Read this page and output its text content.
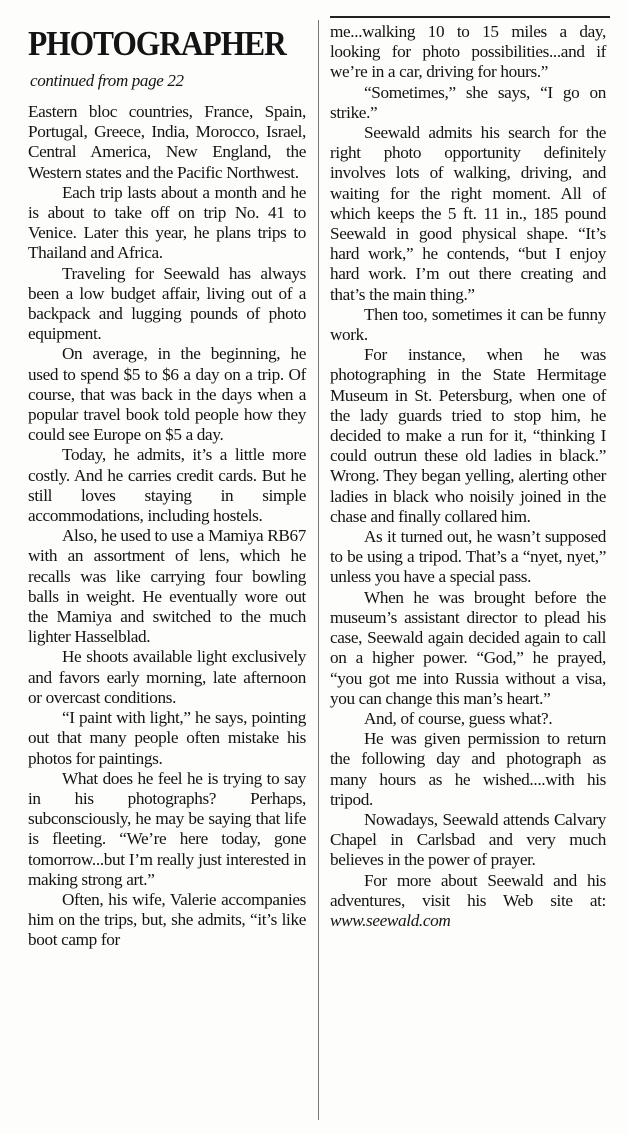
PHOTOGRAPHER
continued from page 22

Eastern bloc countries, France, Spain, Portugal, Greece, India, Morocco, Israel, Central America, New England, the Western states and the Pacific Northwest.

Each trip lasts about a month and he is about to take off on trip No. 41 to Venice. Later this year, he plans trips to Thailand and Africa.

Traveling for Seewald has always been a low budget affair, living out of a backpack and lugging pounds of photo equipment.

On average, in the beginning, he used to spend $5 to $6 a day on a trip. Of course, that was back in the days when a popular travel book told people how they could see Europe on $5 a day.

Today, he admits, it’s a little more costly. And he carries credit cards. But he still loves staying in simple accommodations, including hostels.

Also, he used to use a Mamiya RB67 with an assortment of lens, which he recalls was like carrying four bowling balls in weight. He eventually wore out the Mamiya and switched to the much lighter Hasselblad.

He shoots available light exclusively and favors early morning, late afternoon or overcast conditions.

“I paint with light,” he says, pointing out that many people often mistake his photos for paintings.

What does he feel he is trying to say in his photographs? Perhaps, subconsciously, he may be saying that life is fleeting. “We’re here today, gone tomorrow...but I’m really just interested in making strong art.”

Often, his wife, Valerie accompanies him on the trips, but, she admits, “it’s like boot camp for

me...walking 10 to 15 miles a day, looking for photo possibilities...and if we’re in a car, driving for hours.”

“Sometimes,” she says, “I go on strike.”

Seewald admits his search for the right photo opportunity definitely involves lots of walking, driving, and waiting for the right moment. All of which keeps the 5 ft. 11 in., 185 pound Seewald in good physical shape. “It’s hard work,” he contends, “but I enjoy hard work. I’m out there creating and that’s the main thing.”

Then too, sometimes it can be funny work.

For instance, when he was photographing in the State Hermitage Museum in St. Petersburg, when one of the lady guards tried to stop him, he decided to make a run for it, “thinking I could outrun these old ladies in black.” Wrong. They began yelling, alerting other ladies in black who noisily joined in the chase and finally collared him.

As it turned out, he wasn’t supposed to be using a tripod. That’s a “nyet, nyet,” unless you have a special pass.

When he was brought before the museum’s assistant director to plead his case, Seewald again decided again to call on a higher power. “God,” he prayed, “you got me into Russia without a visa, you can change this man’s heart.”

And, of course, guess what?.

He was given permission to return the following day and photograph as many hours as he wished....with his tripod.

Nowadays, Seewald attends Calvary Chapel in Carlsbad and very much believes in the power of prayer.

For more about Seewald and his adventures, visit his Web site at: www.seewald.com
